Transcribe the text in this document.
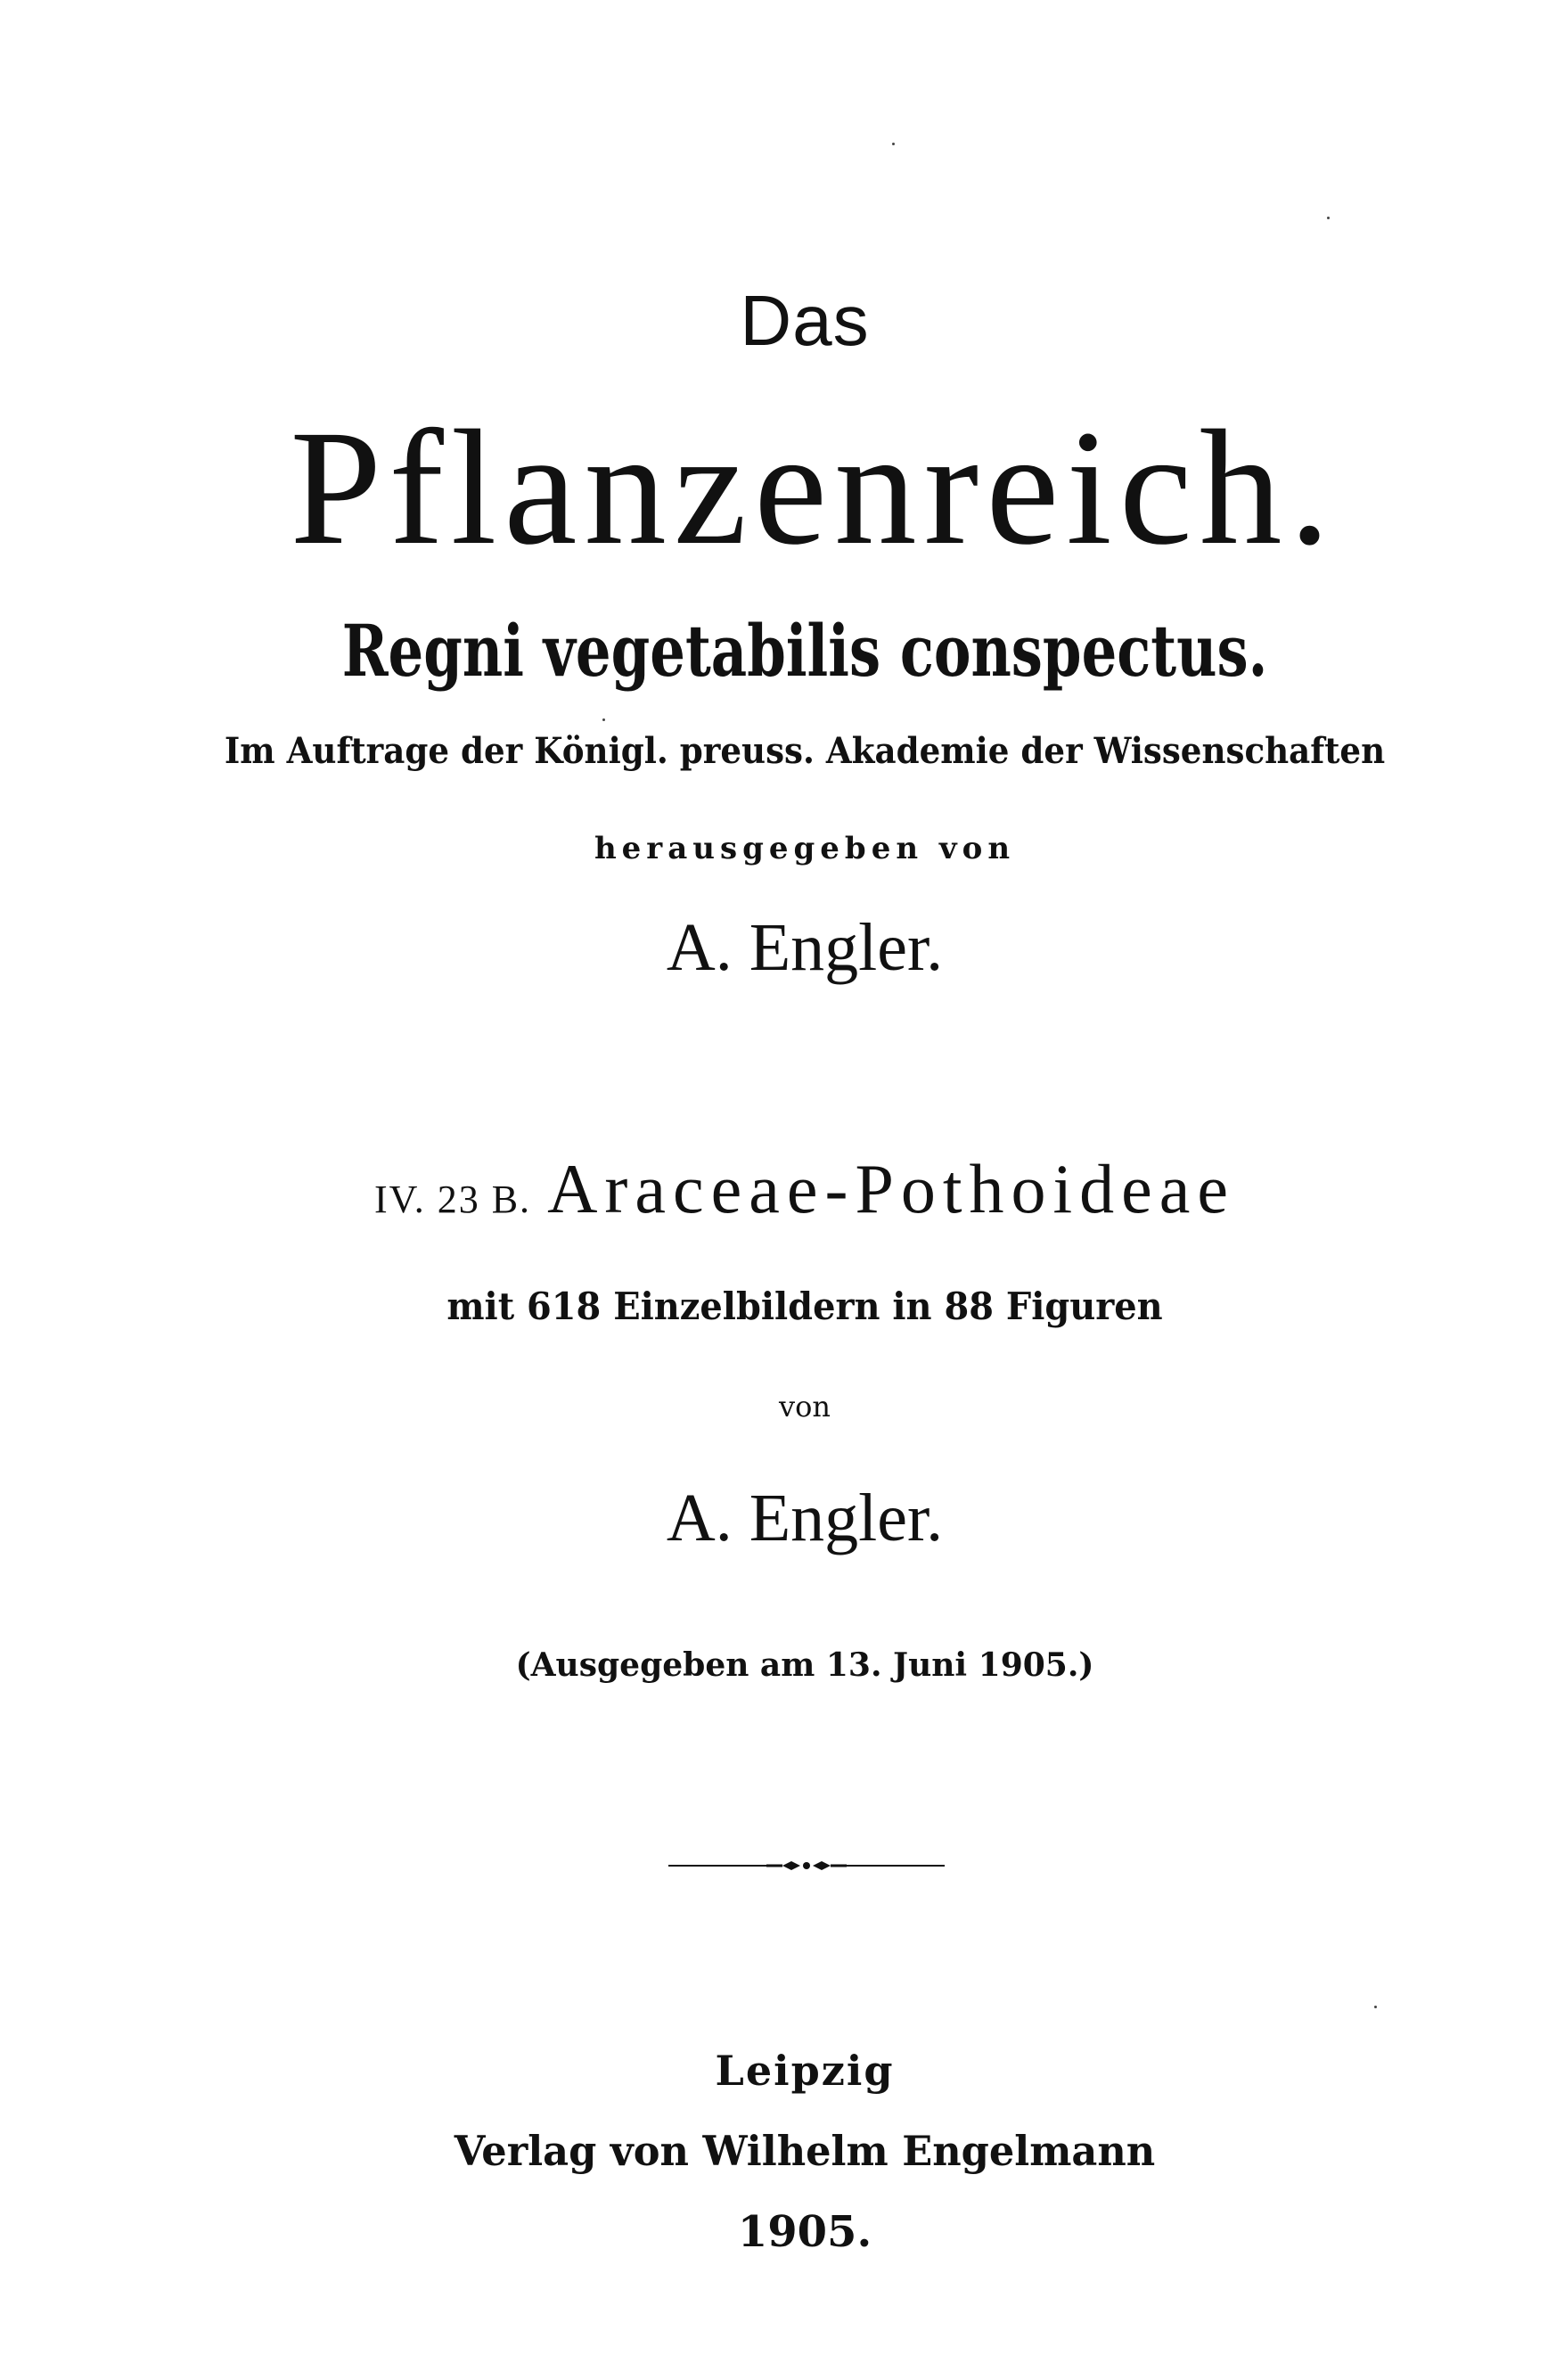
Das
Pflanzenreich.
Regni vegetabilis conspectus.
Im Auftrage der Königl. preuss. Akademie der Wissenschaften
herausgegeben von
A. Engler.
IV. 23 B. Araceae-Pothoideae
mit 618 Einzelbildern in 88 Figuren
von
A. Engler.
(Ausgegeben am 13. Juni 1905.)
Leipzig
Verlag von Wilhelm Engelmann
1905.
